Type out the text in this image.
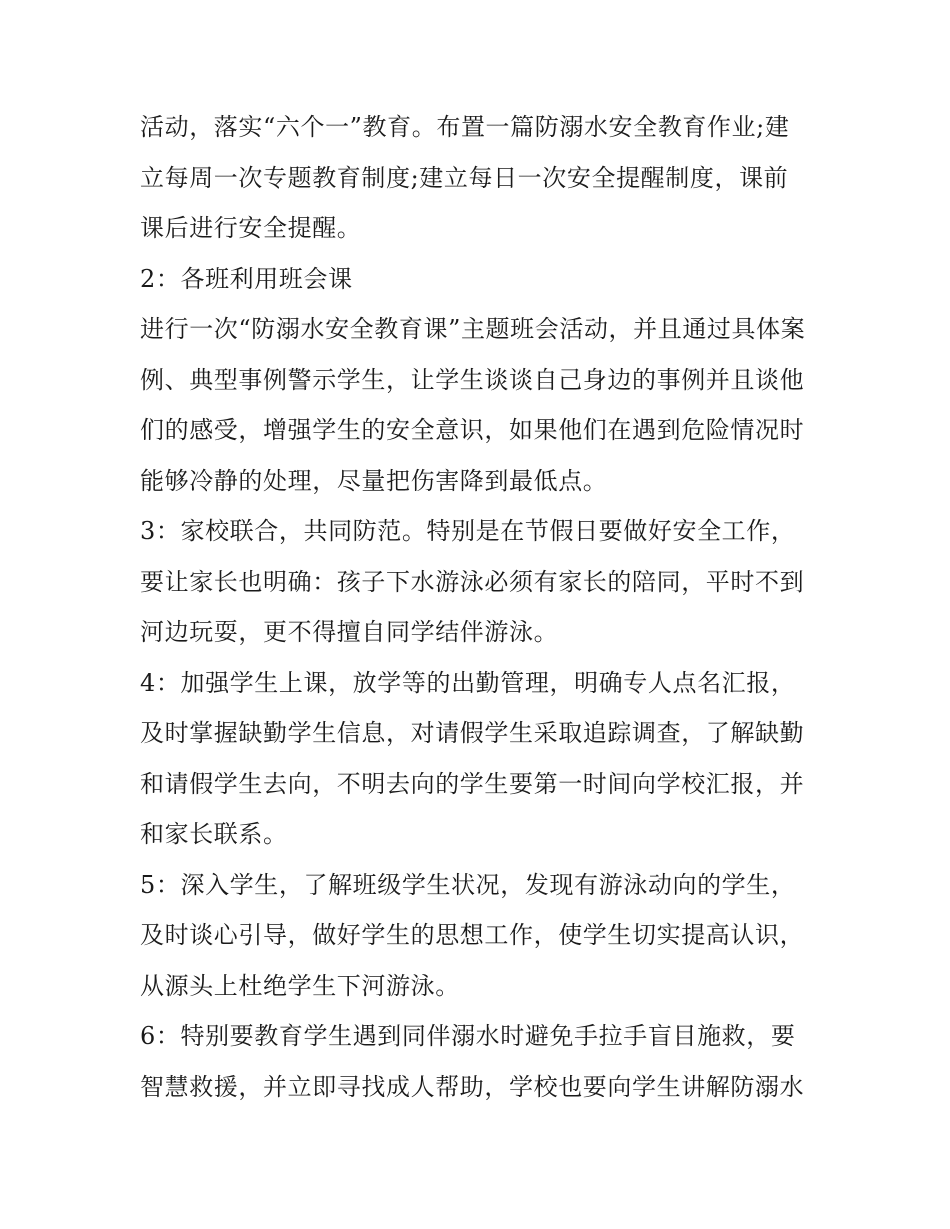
活动，落实“六个一”教育。布置一篇防溺水安全教育作业;建
立每周一次专题教育制度;建立每日一次安全提醒制度，课前
课后进行安全提醒。

2：各班利用班会课

进行一次“防溺水安全教育课”主题班会活动，并且通过具体案
例、典型事例警示学生，让学生谈谈自己身边的事例并且谈他
们的感受，增强学生的安全意识，如果他们在遇到危险情况时
能够冷静的处理，尽量把伤害降到最低点。

3：家校联合，共同防范。特别是在节假日要做好安全工作，
要让家长也明确：孩子下水游泳必须有家长的陪同，平时不到
河边玩耍，更不得擅自同学结伴游泳。

4：加强学生上课，放学等的出勤管理，明确专人点名汇报，
及时掌握缺勤学生信息，对请假学生采取追踪调查，了解缺勤
和请假学生去向，不明去向的学生要第一时间向学校汇报，并
和家长联系。

5：深入学生，了解班级学生状况，发现有游泳动向的学生，
及时谈心引导，做好学生的思想工作，使学生切实提高认识，
从源头上杜绝学生下河游泳。

6：特别要教育学生遇到同伴溺水时避免手拉手盲目施救，要
智慧救援，并立即寻找成人帮助，学校也要向学生讲解防溺水
